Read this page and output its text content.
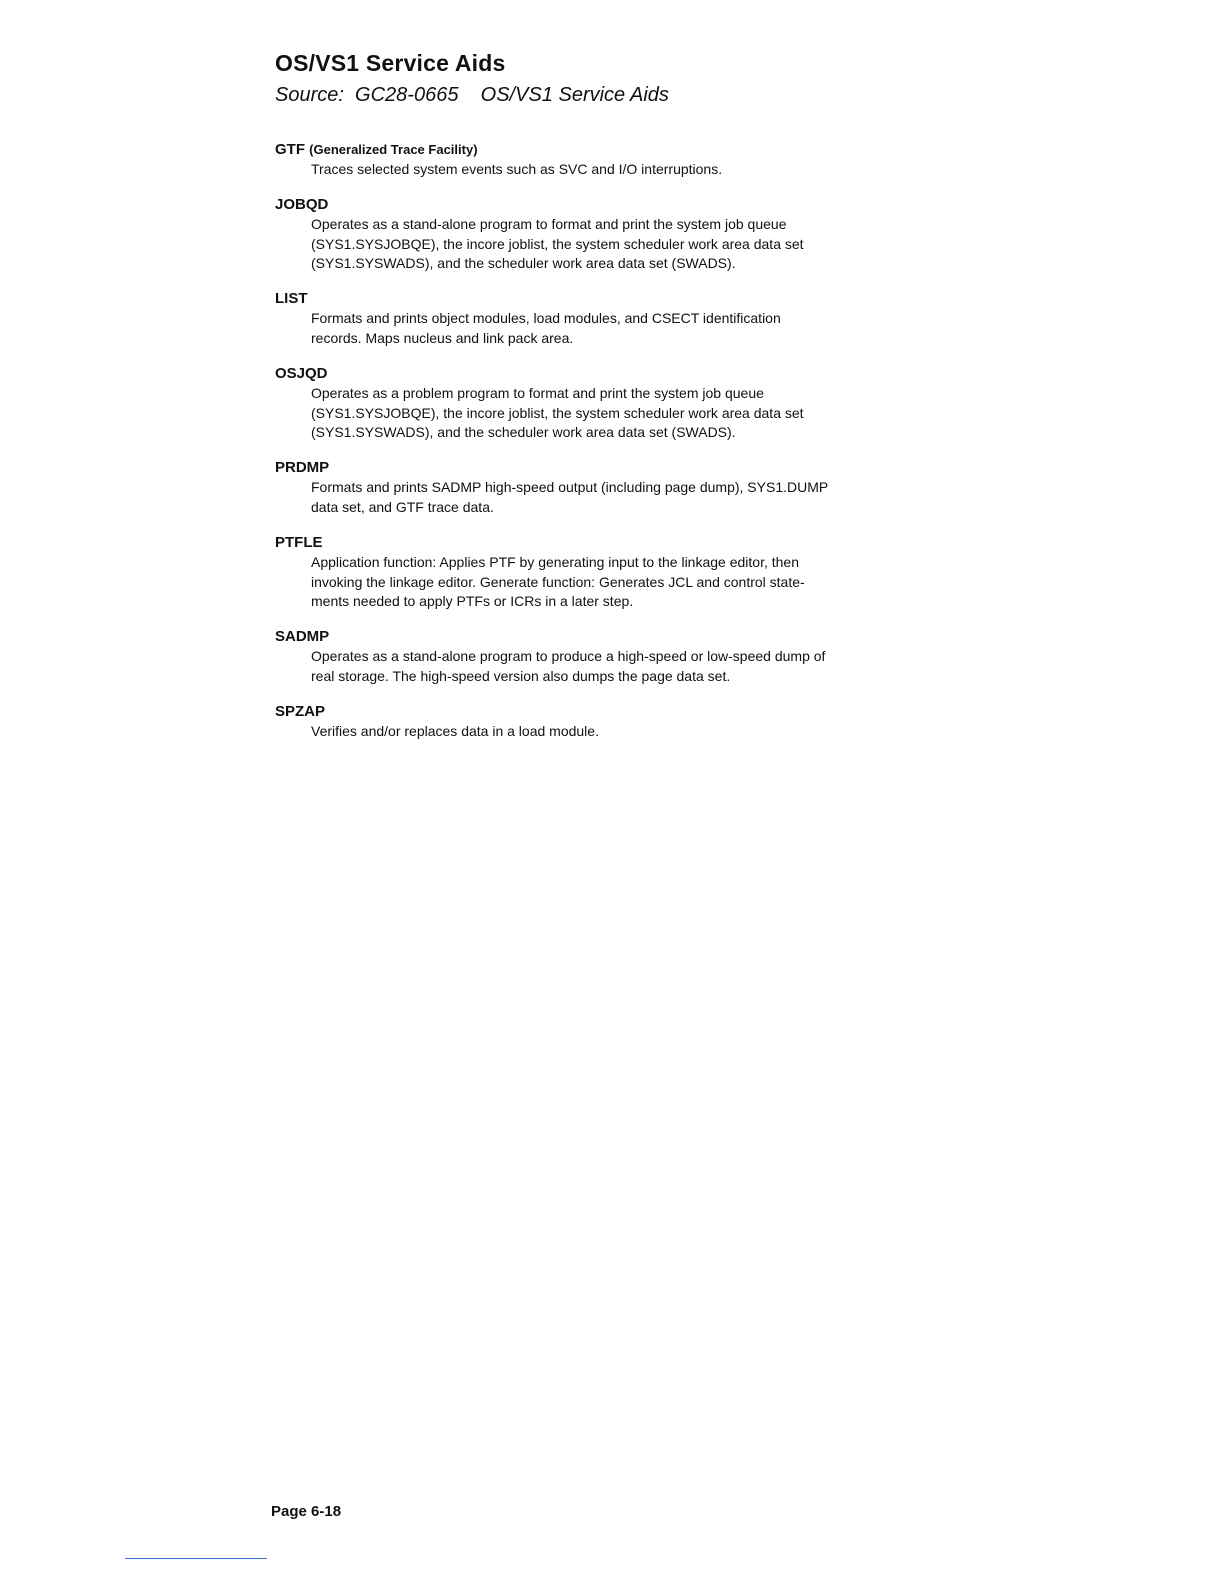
OS/VS1 Service Aids
Source:  GC28-0665    OS/VS1 Service Aids
GTF (Generalized Trace Facility)
Traces selected system events such as SVC and I/O interruptions.
JOBQD
Operates as a stand-alone program to format and print the system job queue
(SYS1.SYSJOBQE), the incore joblist, the system scheduler work area data set
(SYS1.SYSWADS), and the scheduler work area data set (SWADS).
LIST
Formats and prints object modules, load modules, and CSECT identification
records. Maps nucleus and link pack area.
OSJQD
Operates as a problem program to format and print the system job queue
(SYS1.SYSJOBQE), the incore joblist, the system scheduler work area data set
(SYS1.SYSWADS), and the scheduler work area data set (SWADS).
PRDMP
Formats and prints SADMP high-speed output (including page dump), SYS1.DUMP
data set, and GTF trace data.
PTFLE
Application function: Applies PTF by generating input to the linkage editor, then
invoking the linkage editor. Generate function: Generates JCL and control state-
ments needed to apply PTFs or ICRs in a later step.
SADMP
Operates as a stand-alone program to produce a high-speed or low-speed dump of
real storage. The high-speed version also dumps the page data set.
SPZAP
Verifies and/or replaces data in a load module.
Page 6-18
